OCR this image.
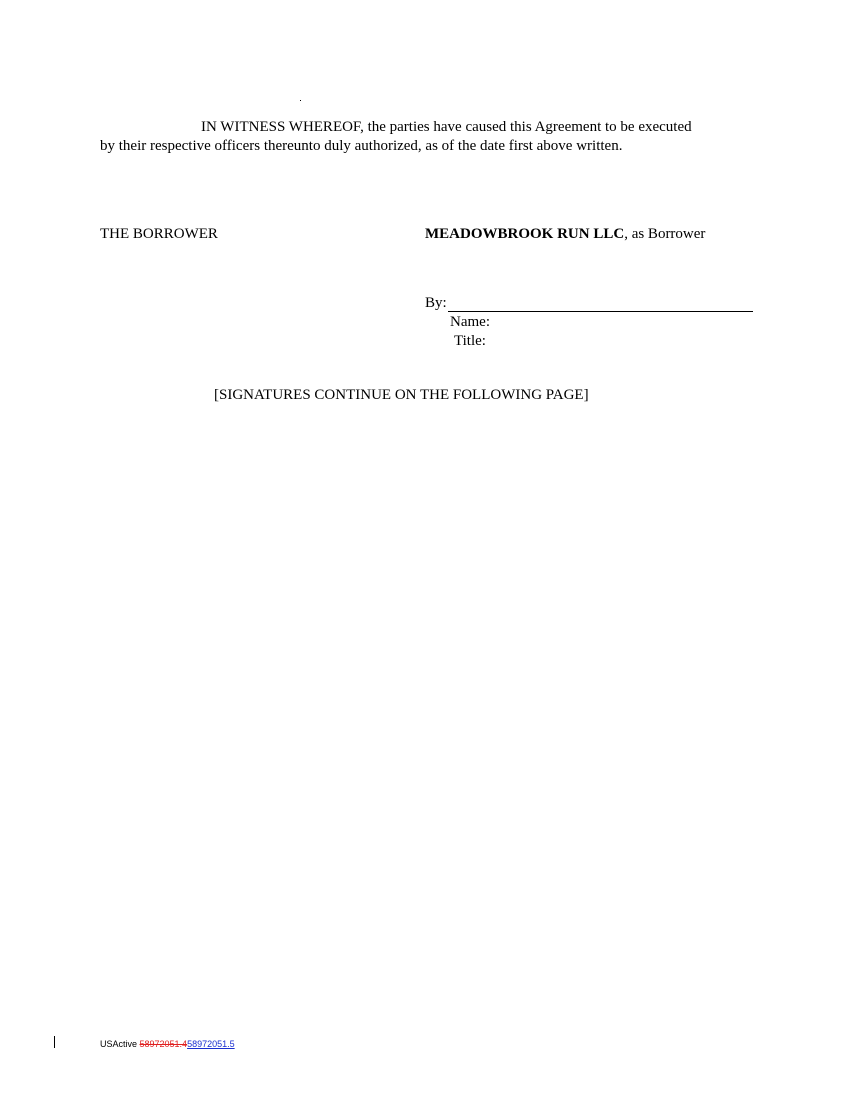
IN WITNESS WHEREOF, the parties have caused this Agreement to be executed
by their respective officers thereunto duly authorized, as of the date first above written.
THE BORROWER	MEADOWBROOK RUN LLC, as Borrower
By:
Name:
Title:
[SIGNATURES CONTINUE ON THE FOLLOWING PAGE]
USActive 58972051.458972051.5
